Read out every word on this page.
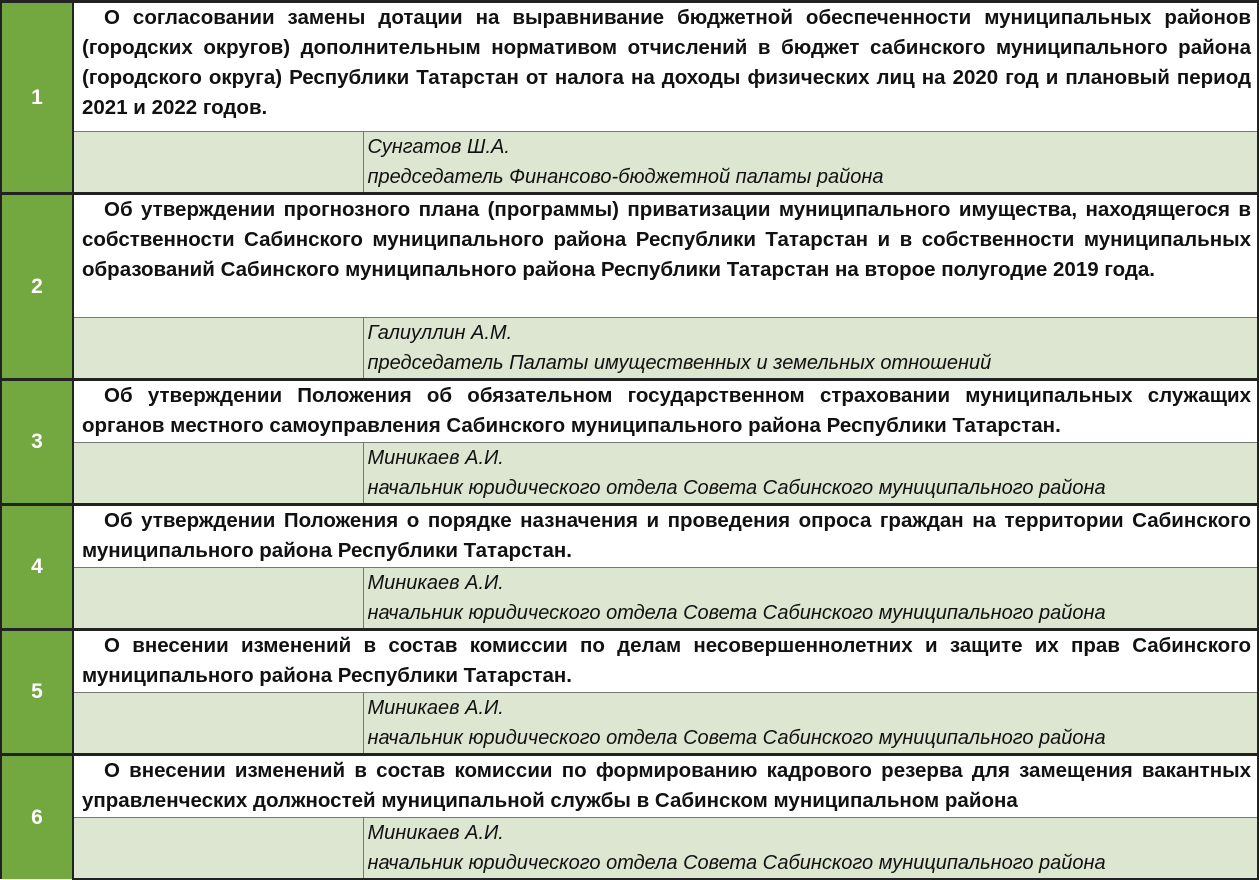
1	О согласовании замены дотации на выравнивание бюджетной обеспеченности муниципальных районов (городских округов) дополнительным нормативом отчислений в бюджет сабинского муниципального района (городского округа) Республики Татарстан от налога на доходы физических лиц на 2020 год и плановый период 2021 и 2022 годов.	

		Сунгатов Ш.А.
председатель Финансово-бюджетной палаты района

2	Об утверждении прогнозного плана (программы) приватизации муниципального имущества, находящегося в собственности Сабинского муниципального района Республики Татарстан и в собственности муниципальных образований Сабинского муниципального района Республики Татарстан на второе полугодие 2019 года.	

		Галиуллин А.М.
председатель Палаты имущественных и земельных отношений

3	Об утверждении Положения об обязательном государственном страховании муниципальных служащих органов местного самоуправления Сабинского муниципального района Республики Татарстан.	

		Миникаев А.И.
начальник юридического отдела Совета Сабинского муниципального района

4	Об утверждении Положения о порядке назначения и проведения опроса граждан на территории Сабинского муниципального района Республики Татарстан.	

		Миникаев А.И.
начальник юридического отдела Совета Сабинского муниципального района

5	О внесении изменений в состав комиссии по делам несовершеннолетних и защите их прав Сабинского муниципального района Республики Татарстан.	

		Миникаев А.И.
начальник юридического отдела Совета Сабинского муниципального района

6	О внесении изменений в состав комиссии по формированию кадрового резерва для замещения вакантных управленческих должностей муниципальной службы в Сабинском муниципальном района	

		Миникаев А.И.
начальник юридического отдела Совета Сабинского муниципального района
